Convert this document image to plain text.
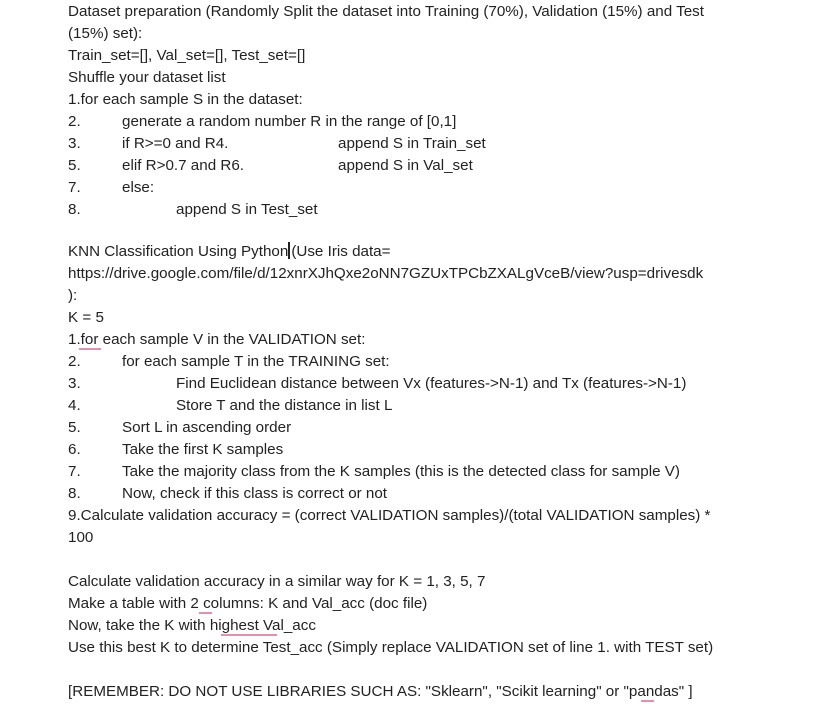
Dataset preparation (Randomly Split the dataset into Training (70%), Validation (15%) and Test
(15%) set):
Train_set=[], Val_set=[], Test_set=[]
Shuffle your dataset list
1.for each sample S in the dataset:
2.	generate a random number R in the range of [0,1]
3.	if R>=0 and R4.	append S in Train_set
5.	elif R>0.7 and R6.	append S in Val_set
7.	else:
8.	append S in Test_set
KNN Classification Using Python (Use Iris data=
https://drive.google.com/file/d/12xnrXJhQxe2oNN7GZUxTPCbZXALgVceB/view?usp=drivesdk
):
K = 5
1.for each sample V in the VALIDATION set:
2.	for each sample T in the TRAINING set:
3.	Find Euclidean distance between Vx (features->N-1) and Tx (features->N-1)
4.	Store T and the distance in list L
5.	Sort L in ascending order
6.	Take the first K samples
7.	Take the majority class from the K samples (this is the detected class for sample V)
8.	Now, check if this class is correct or not
9.Calculate validation accuracy = (correct VALIDATION samples)/(total VALIDATION samples) *
100
Calculate validation accuracy in a similar way for K = 1, 3, 5, 7
Make a table with 2 columns: K and Val_acc (doc file)
Now, take the K with highest Val_acc
Use this best K to determine Test_acc (Simply replace VALIDATION set of line 1. with TEST set)
[REMEMBER: DO NOT USE LIBRARIES SUCH AS: "Sklearn", "Scikit learning" or "pandas" ]
